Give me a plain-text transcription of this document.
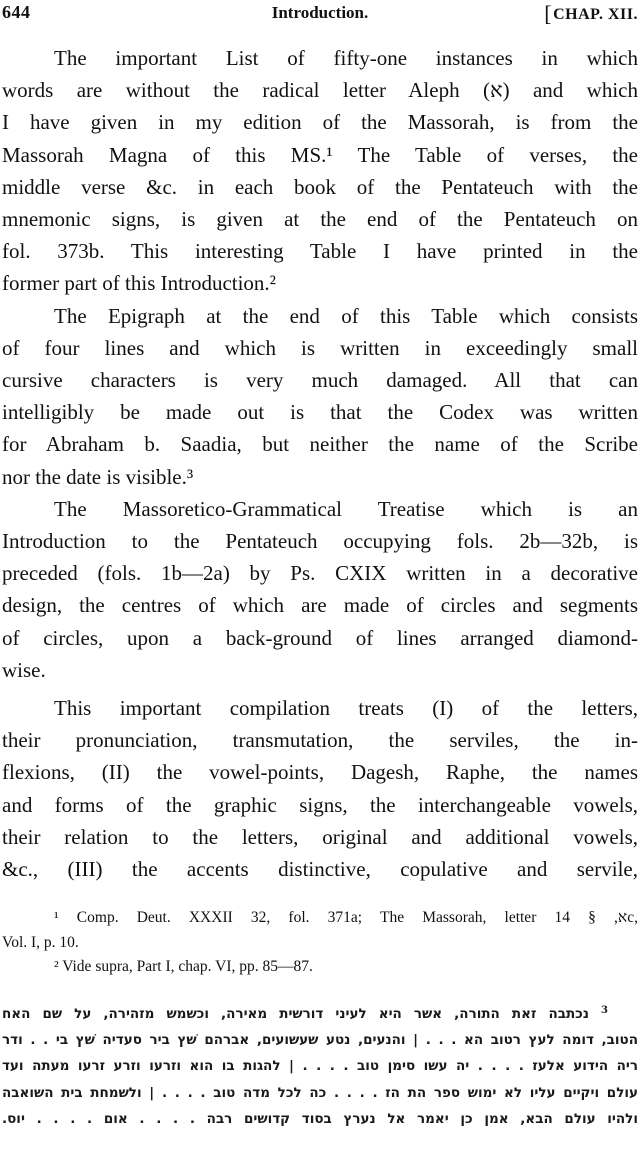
644	Introduction.	[CHAP. XII.

The important List of fifty-one instances in which
words are without the radical letter Aleph (א) and which
I have given in my edition of the Massorah, is from the
Massorah Magna of this MS.¹ The Table of verses, the
middle verse &c. in each book of the Pentateuch with the
mnemonic signs, is given at the end of the Pentateuch on
fol. 373b. This interesting Table I have printed in the
former part of this Introduction.²

The Epigraph at the end of this Table which consists
of four lines and which is written in exceedingly small
cursive characters is very much damaged. All that can
intelligibly be made out is that the Codex was written
for Abraham b. Saadia, but neither the name of the Scribe
nor the date is visible.³

The Massoretico-Grammatical Treatise which is an
Introduction to the Pentateuch occupying fols. 2b—32b, is
preceded (fols. 1b—2a) by Ps. CXIX written in a decorative
design, the centres of which are made of circles and segments
of circles, upon a back-ground of lines arranged diamond-
wise.

This important compilation treats (I) of the letters,
their pronunciation, transmutation, the serviles, the in-
flexions, (II) the vowel-points, Dagesh, Raphe, the names
and forms of the graphic signs, the interchangeable vowels,
their relation to the letters, original and additional vowels,
&c., (III) the accents distinctive, copulative and servile,

¹ Comp. Deut. XXXII 32, fol. 371a; The Massorah, letter א, § 14c,
Vol. I, p. 10.
² Vide supra, Part I, chap. VI, pp. 85—87.
$^3$ נכתבה זאת התורה, אשר היא לעיני דורשית מאירה, וכשמש מזהירה, על שם האח
הטוב, דומה לעץ רטוב הא . . . | והנעים, נטע שעשועים, אברהם שׁץ ביר סעדיה שׁץ בי . . ודר
ריה הידוע אלעז . . . . יה עשו סימן טוב . . . . | להגות בו הוא וזרעו וזרע זרעו מעתה ועד
עולם ויקיים עליו לא ימוש ספר הת הז . . . . כה לכל מדה טוב . . . . | ולשמחת בית השואבה
ולהיו עולם הבא, אמן כן יאמר אל נערץ בסוד קדושים רבה . . . . אום . . . . יוס.
